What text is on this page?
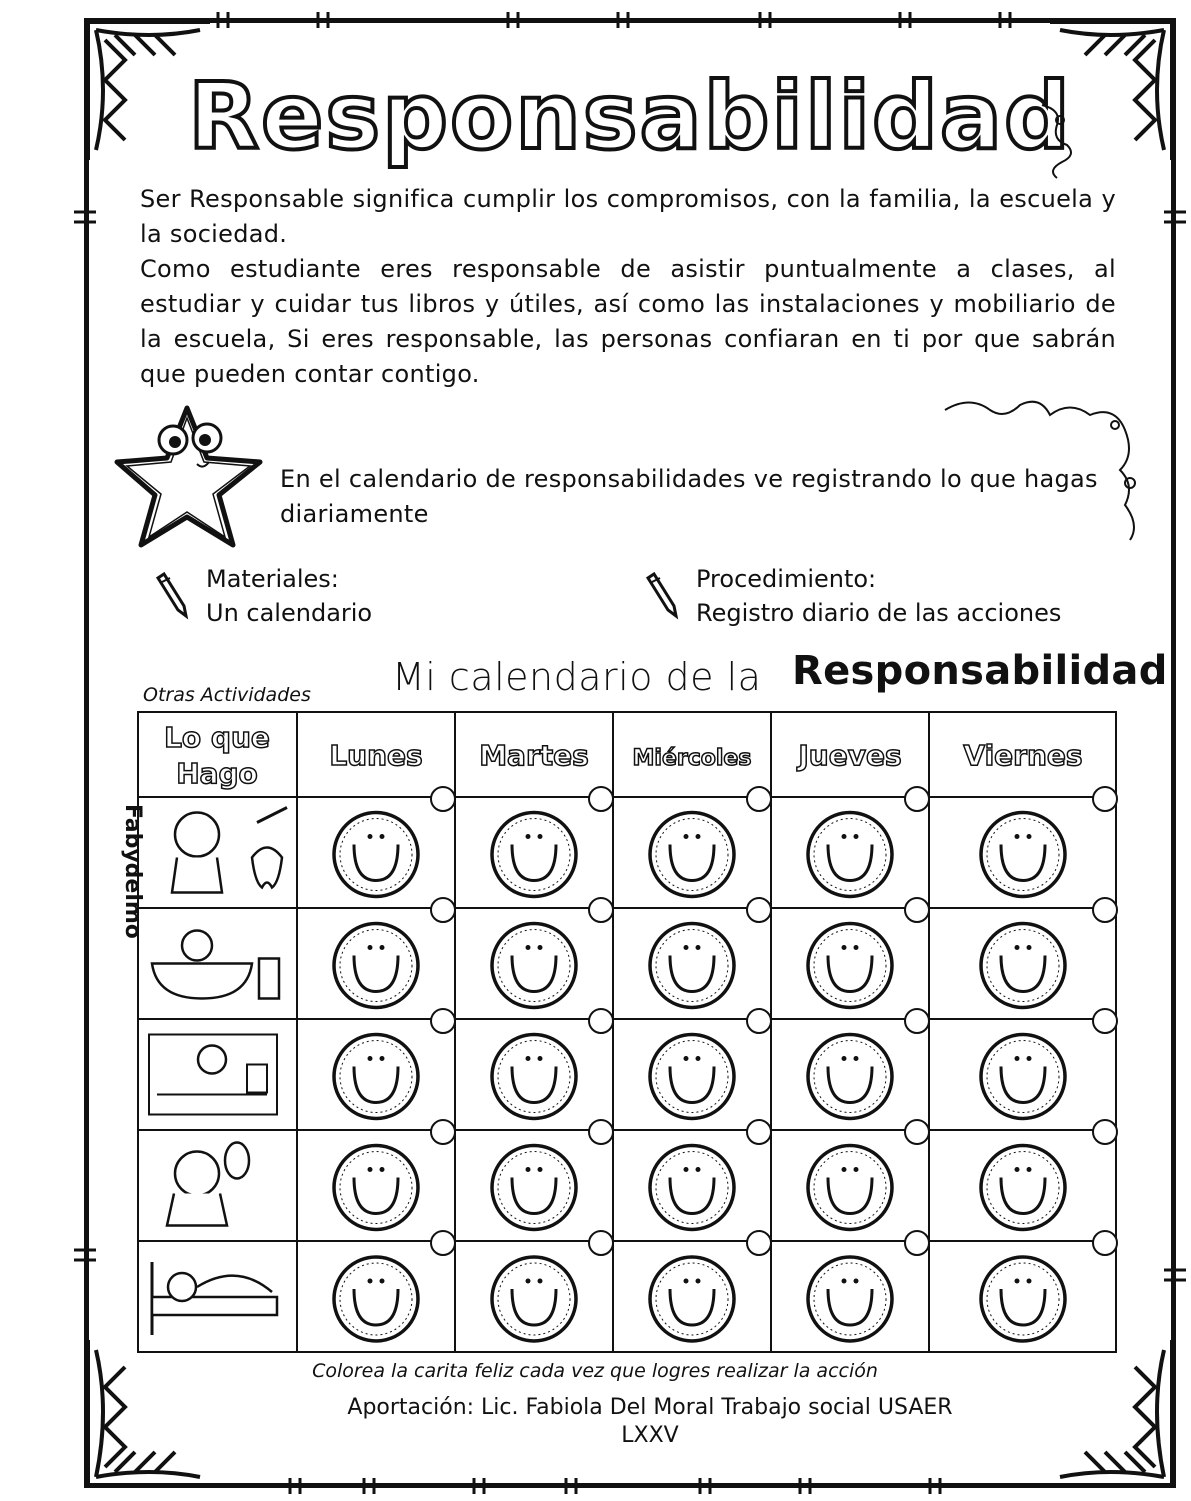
Responsabilidad
Ser Responsable significa cumplir los compromisos, con la familia, la escuela y la sociedad.
Como estudiante eres responsable de asistir puntualmente a clases, al estudiar y cuidar tus libros y útiles, así como las instalaciones y mobiliario de la escuela, Si eres responsable, las personas confiaran en ti por que sabrán que pueden contar contigo.
En el calendario de responsabilidades ve registrando lo que hagas diariamente
Materiales:
Un calendario
Procedimiento:
Registro diario de las acciones
Mi calendario de la Responsabilidad
Otras Actividades
Lo que
Hago
Lunes Martes Miércoles Jueves Viernes
Fabydelmo
Colorea la carita feliz cada vez que logres realizar la acción
Aportación: Lic. Fabiola Del Moral Trabajo social USAER
LXXV
